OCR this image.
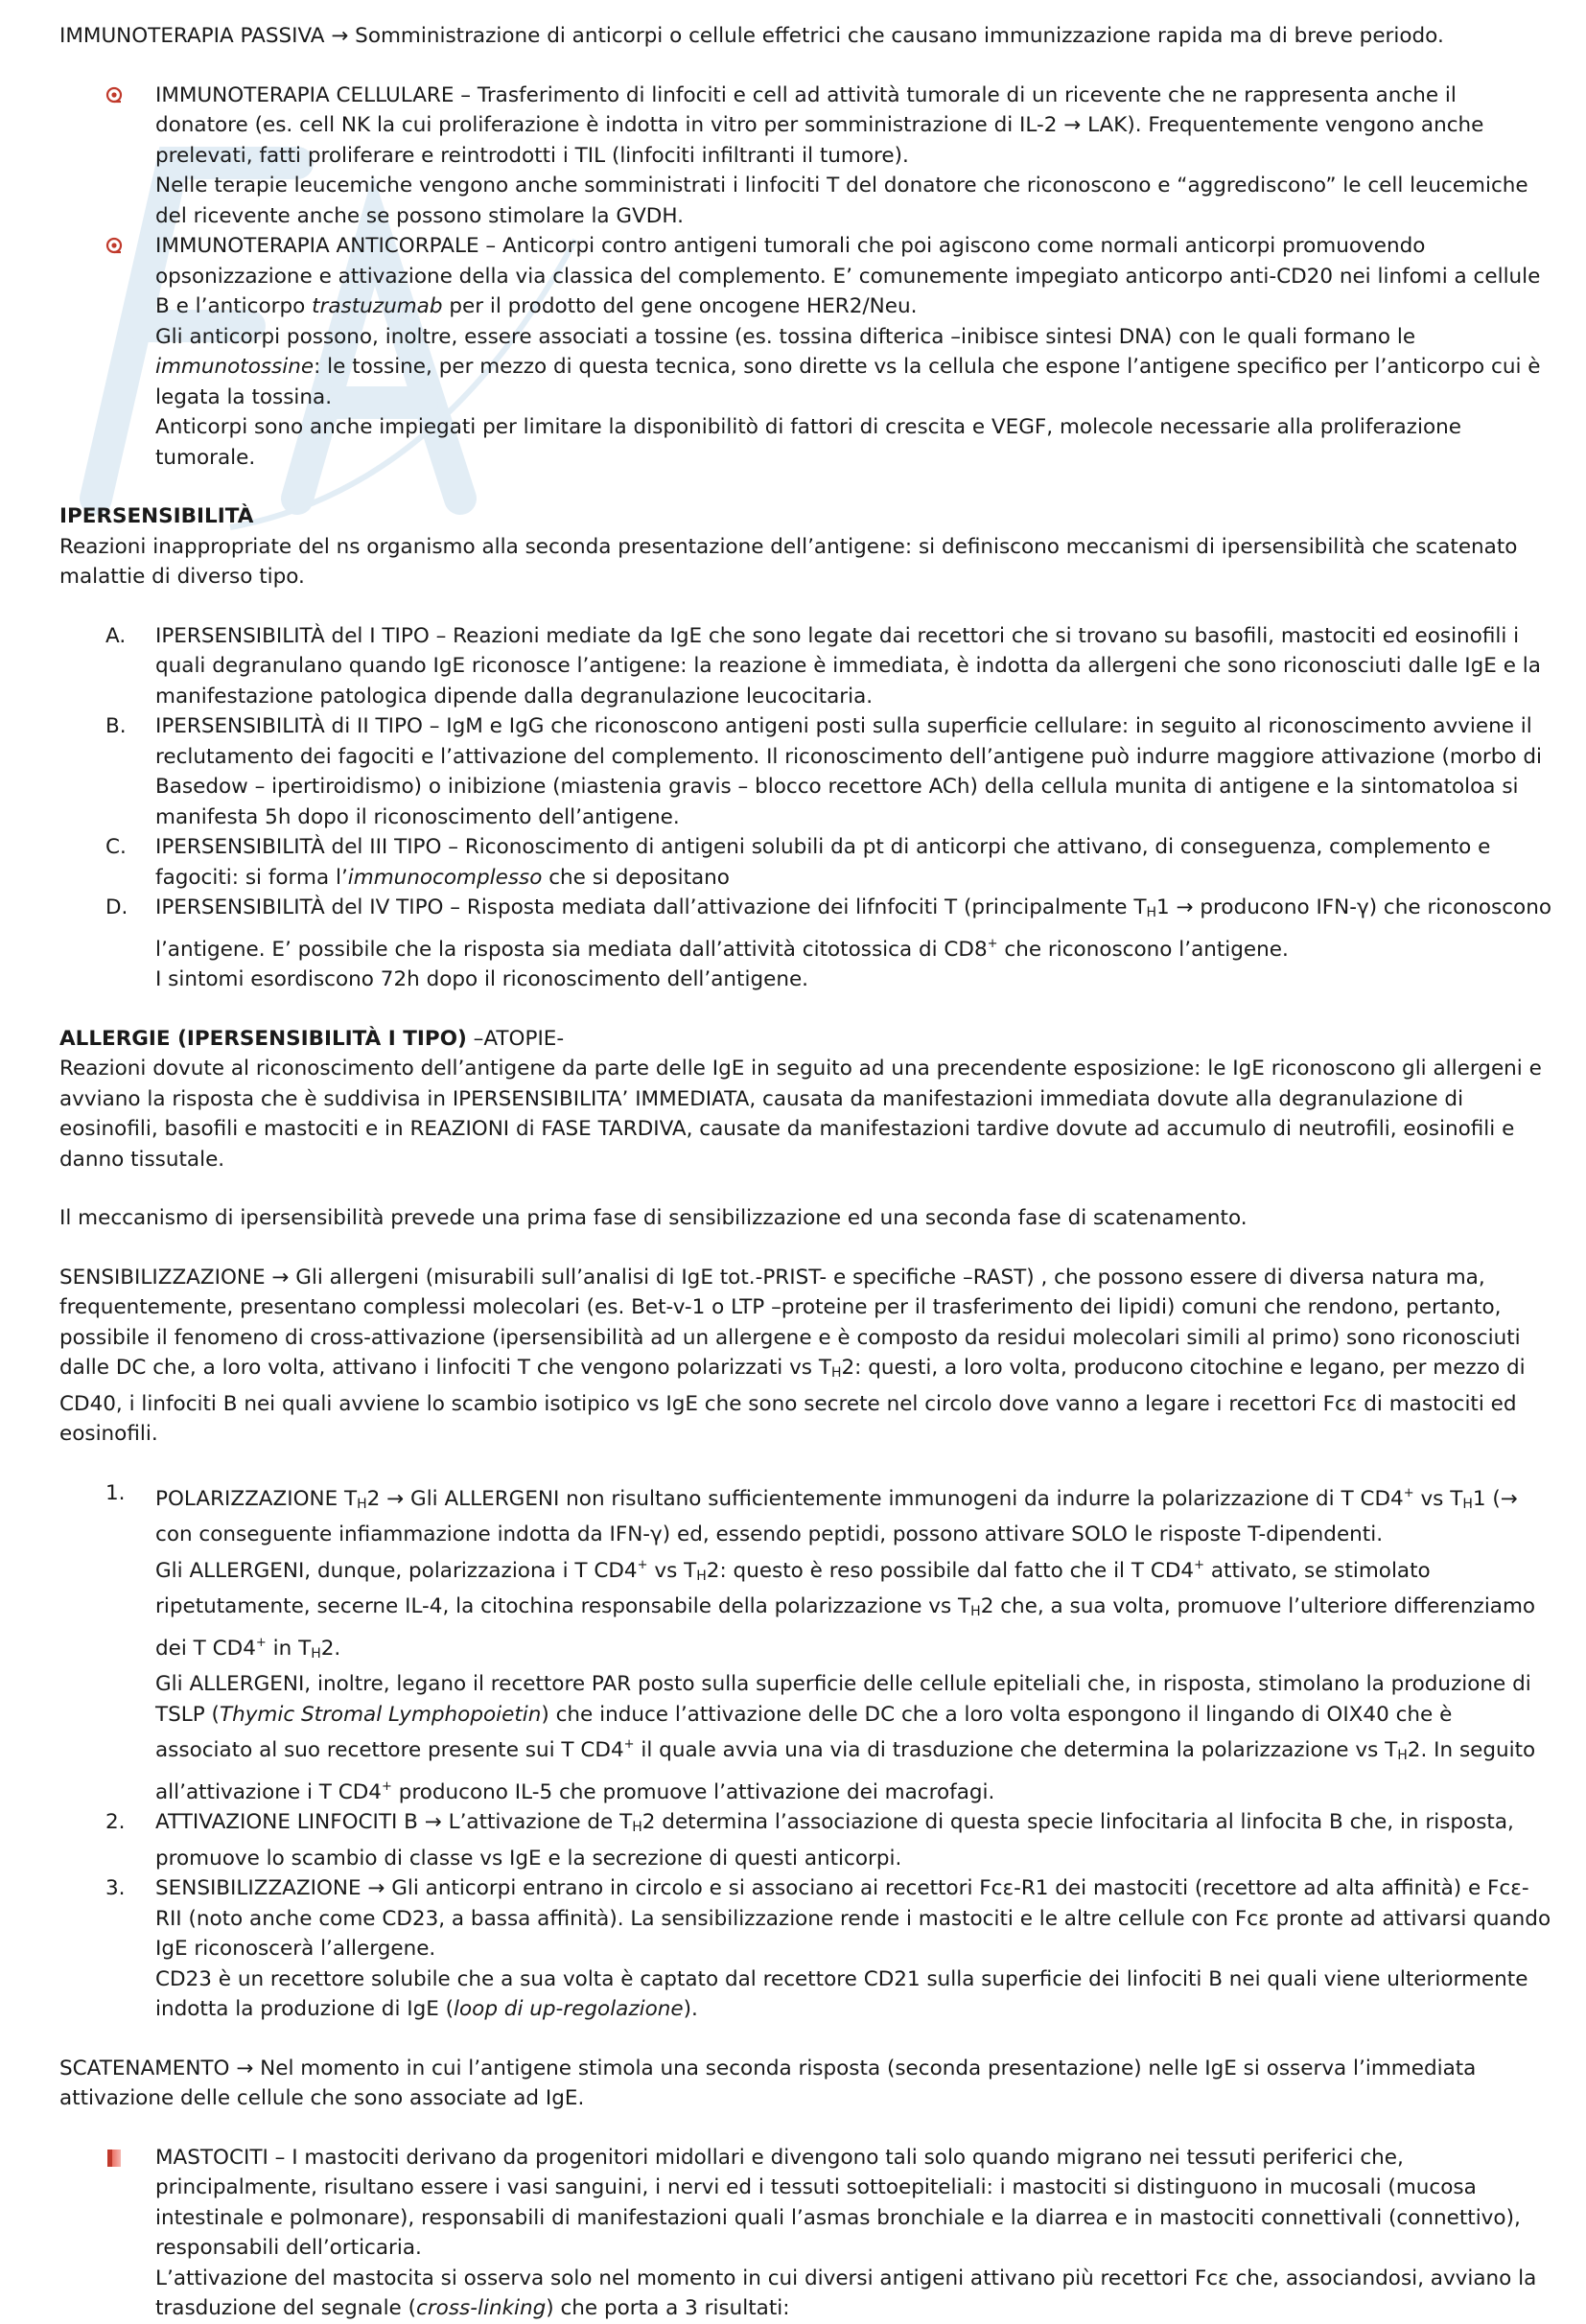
IMMUNOTERAPIA PASSIVA → Somministrazione di anticorpi o cellule effetrici che causano immunizzazione rapida ma di breve periodo.

IMMUNOTERAPIA CELLULARE – Trasferimento di linfociti e cell ad attività tumorale di un ricevente che ne rappresenta anche il donatore (es. cell NK la cui proliferazione è indotta in vitro per somministrazione di IL-2 → LAK). Frequentemente vengono anche prelevati, fatti proliferare e reintrodotti i TIL (linfociti infiltranti il tumore).

Nelle terapie leucemiche vengono anche somministrati i linfociti T del donatore che riconoscono e “aggrediscono” le cell leucemiche del ricevente anche se possono stimolare la GVDH.

IMMUNOTERAPIA ANTICORPALE – Anticorpi contro antigeni tumorali che poi agiscono come normali anticorpi promuovendo opsonizzazione e attivazione della via classica del complemento. E’ comunemente impegiato anticorpo anti-CD20 nei linfomi a cellule B e l’anticorpo trastuzumab per il prodotto del gene oncogene HER2/Neu.

Gli anticorpi possono, inoltre, essere associati a tossine (es. tossina difterica –inibisce sintesi DNA) con le quali formano le immunotossine: le tossine, per mezzo di questa tecnica, sono dirette vs la cellula che espone l’antigene specifico per l’anticorpo cui è legata la tossina.

Anticorpi sono anche impiegati per limitare la disponibilitò di fattori di crescita e VEGF, molecole necessarie alla proliferazione tumorale.

IPERSENSIBILITÀ

Reazioni inappropriate del ns organismo alla seconda presentazione dell’antigene: si definiscono meccanismi di ipersensibilità che scatenato malattie di diverso tipo.

A.	IPERSENSIBILITÀ del I TIPO – Reazioni mediate da IgE che sono legate dai recettori che si trovano su basofili, mastociti ed eosinofili i quali degranulano quando IgE riconosce l’antigene: la reazione è immediata, è indotta da allergeni che sono riconosciuti dalle IgE e la manifestazione patologica dipende dalla degranulazione leucocitaria.

B.	IPERSENSIBILITÀ di II TIPO – IgM e IgG che riconoscono antigeni posti sulla superficie cellulare: in seguito al riconoscimento avviene il reclutamento dei fagociti e l’attivazione del complemento. Il riconoscimento dell’antigene può indurre maggiore attivazione (morbo di Basedow – ipertiroidismo) o inibizione (miastenia gravis – blocco recettore ACh) della cellula munita di antigene e la sintomatoloa si manifesta 5h dopo il riconoscimento dell’antigene.

C.	IPERSENSIBILITÀ del III TIPO – Riconoscimento di antigeni solubili da pt di anticorpi che attivano, di conseguenza, complemento e fagociti: si forma l’immunocomplesso che si depositano

D.	IPERSENSIBILITÀ del IV TIPO – Risposta mediata dall’attivazione dei lifnfociti T (principalmente $T_H1$ → producono IFN-γ) che riconoscono l’antigene. E’ possibile che la risposta sia mediata dall’attività citotossica di CD8+ che riconoscono l’antigene.

I sintomi esordiscono 72h dopo il riconoscimento dell’antigene.

ALLERGIE (IPERSENSIBILITÀ I TIPO) –ATOPIE-

Reazioni dovute al riconoscimento dell’antigene da parte delle IgE in seguito ad una precendente esposizione: le IgE riconoscono gli allergeni e avviano la risposta che è suddivisa in IPERSENSIBILITA’ IMMEDIATA, causata da manifestazioni immediata dovute alla degranulazione di eosinofili, basofili e mastociti e in REAZIONI di FASE TARDIVA, causate da manifestazioni tardive dovute ad accumulo di neutrofili, eosinofili e danno tissutale.

Il meccanismo di ipersensibilità prevede una prima fase di sensibilizzazione ed una seconda fase di scatenamento.

SENSIBILIZZAZIONE → Gli allergeni (misurabili sull’analisi di IgE tot.-PRIST- e specifiche –RAST) , che possono essere di diversa natura ma, frequentemente, presentano complessi molecolari (es. Bet-v-1 o LTP –proteine per il trasferimento dei lipidi) comuni che rendono, pertanto, possibile il fenomeno di cross-attivazione (ipersensibilità ad un allergene e è composto da residui molecolari simili al primo) sono riconosciuti dalle DC che, a loro volta, attivano i linfociti T che vengono polarizzati vs $T_H2$: questi, a loro volta, producono citochine e legano, per mezzo di CD40, i linfociti B nei quali avviene lo scambio isotipico vs IgE che sono secrete nel circolo dove vanno a legare i recettori Fcε di mastociti ed eosinofili.

1.	POLARIZZAZIONE $T_H2$ → Gli ALLERGENI non risultano sufficientemente immunogeni da indurre la polarizzazione di T CD4+ vs $T_H1$ (→ con conseguente infiammazione indotta da IFN-γ) ed, essendo peptidi, possono attivare SOLO le risposte T-dipendenti.

Gli ALLERGENI, dunque, polarizzaziona i T CD4+ vs $T_H2$: questo è reso possibile dal fatto che il T CD4+ attivato, se stimolato ripetutamente, secerne IL-4, la citochina responsabile della polarizzazione vs $T_H2$ che, a sua volta, promuove l’ulteriore differenziamo dei T CD4+ in $T_H2$.

Gli ALLERGENI, inoltre, legano il recettore PAR posto sulla superficie delle cellule epiteliali che, in risposta, stimolano la produzione di TSLP (Thymic Stromal Lymphopoietin) che induce l’attivazione delle DC che a loro volta espongono il lingando di OIX40 che è associato al suo recettore presente sui T CD4+ il quale avvia una via di trasduzione che determina la polarizzazione vs $T_H2$. In seguito all’attivazione i T CD4+ producono IL-5 che promuove l’attivazione dei macrofagi.

2.	ATTIVAZIONE LINFOCITI B → L’attivazione de $T_H2$ determina l’associazione di questa specie linfocitaria al linfocita B che, in risposta, promuove lo scambio di classe vs IgE e la secrezione di questi anticorpi.

3.	SENSIBILIZZAZIONE → Gli anticorpi entrano in circolo e si associano ai recettori Fcε-R1 dei mastociti (recettore ad alta affinità) e Fcε-RII (noto anche come CD23, a bassa affinità). La sensibilizzazione rende i mastociti e le altre cellule con Fcε pronte ad attivarsi quando IgE riconoscerà l’allergene.

CD23 è un recettore solubile che a sua volta è captato dal recettore CD21 sulla superficie dei linfociti B nei quali viene ulteriormente indotta la produzione di IgE (loop di up-regolazione).

SCATENAMENTO → Nel momento in cui l’antigene stimola una seconda risposta (seconda presentazione) nelle IgE si osserva l’immediata attivazione delle cellule che sono associate ad IgE.

MASTOCITI – I mastociti derivano da progenitori midollari e divengono tali solo quando migrano nei tessuti periferici che, principalmente, risultano essere i vasi sanguini, i nervi ed i tessuti sottoepiteliali: i mastociti si distinguono in mucosali (mucosa intestinale e polmonare), responsabili di manifestazioni quali l’asmas bronchiale e la diarrea e in mastociti connettivali (connettivo), responsabili dell’orticaria.

L’attivazione del mastocita si osserva solo nel momento in cui diversi antigeni attivano più recettori Fcε che, associandosi, avviano la trasduzione del segnale (cross-linking) che porta a 3 risultati:
